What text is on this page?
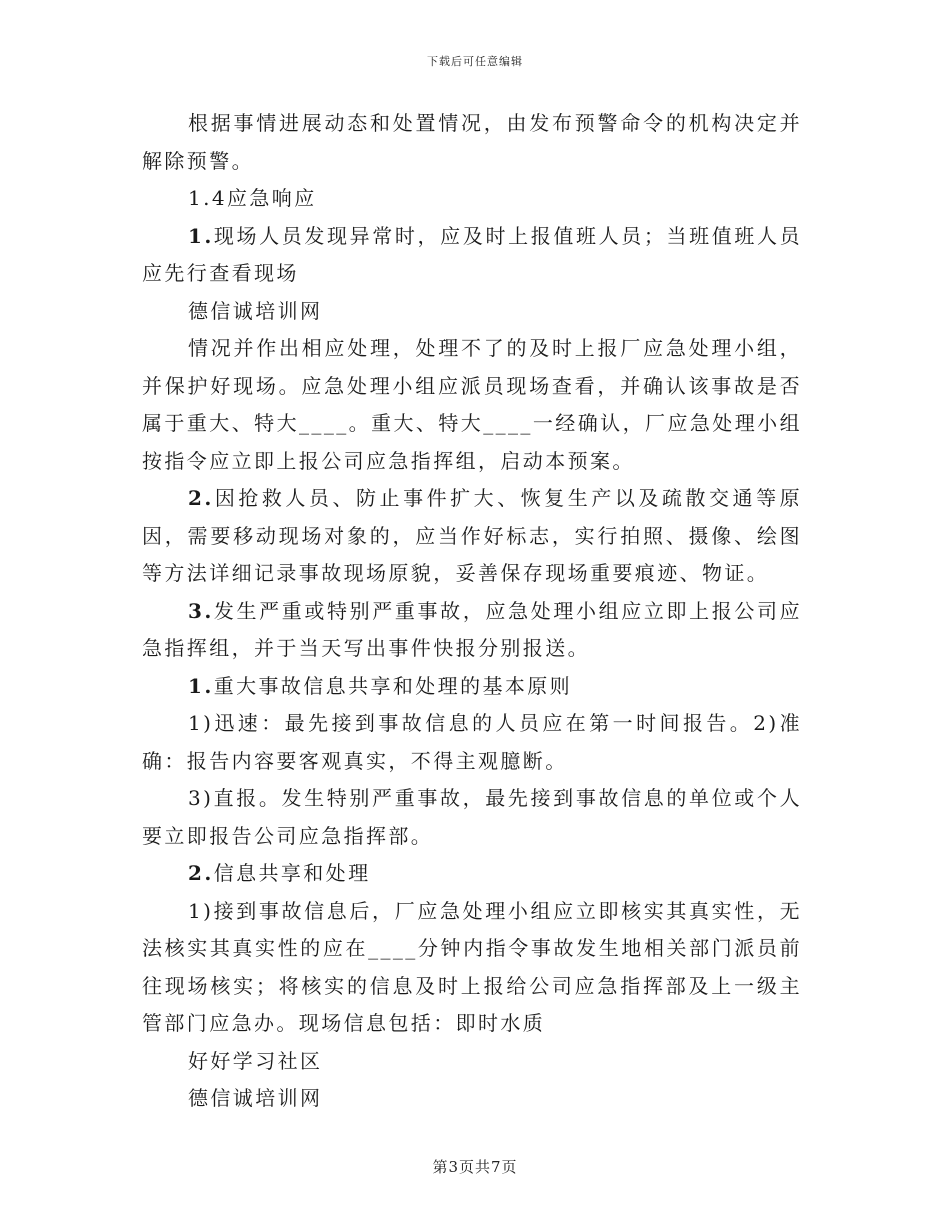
下载后可任意编辑

根据事情进展动态和处置情况，由发布预警命令的机构决定并解除预警。

1.4应急响应

1.现场人员发现异常时，应及时上报值班人员；当班值班人员应先行查看现场

德信诚培训网

情况并作出相应处理，处理不了的及时上报厂应急处理小组，并保护好现场。应急处理小组应派员现场查看，并确认该事故是否属于重大、特大____。重大、特大____一经确认，厂应急处理小组按指令应立即上报公司应急指挥组，启动本预案。

2.因抢救人员、防止事件扩大、恢复生产以及疏散交通等原因，需要移动现场对象的，应当作好标志，实行拍照、摄像、绘图等方法详细记录事故现场原貌，妥善保存现场重要痕迹、物证。

3.发生严重或特别严重事故，应急处理小组应立即上报公司应急指挥组，并于当天写出事件快报分别报送。

1.重大事故信息共享和处理的基本原则

1)迅速：最先接到事故信息的人员应在第一时间报告。2)准确：报告内容要客观真实，不得主观臆断。

3)直报。发生特别严重事故，最先接到事故信息的单位或个人要立即报告公司应急指挥部。

2.信息共享和处理

1)接到事故信息后，厂应急处理小组应立即核实其真实性，无法核实其真实性的应在____分钟内指令事故发生地相关部门派员前往现场核实；将核实的信息及时上报给公司应急指挥部及上一级主管部门应急办。现场信息包括：即时水质

好好学习社区

德信诚培训网

第3页共7页
